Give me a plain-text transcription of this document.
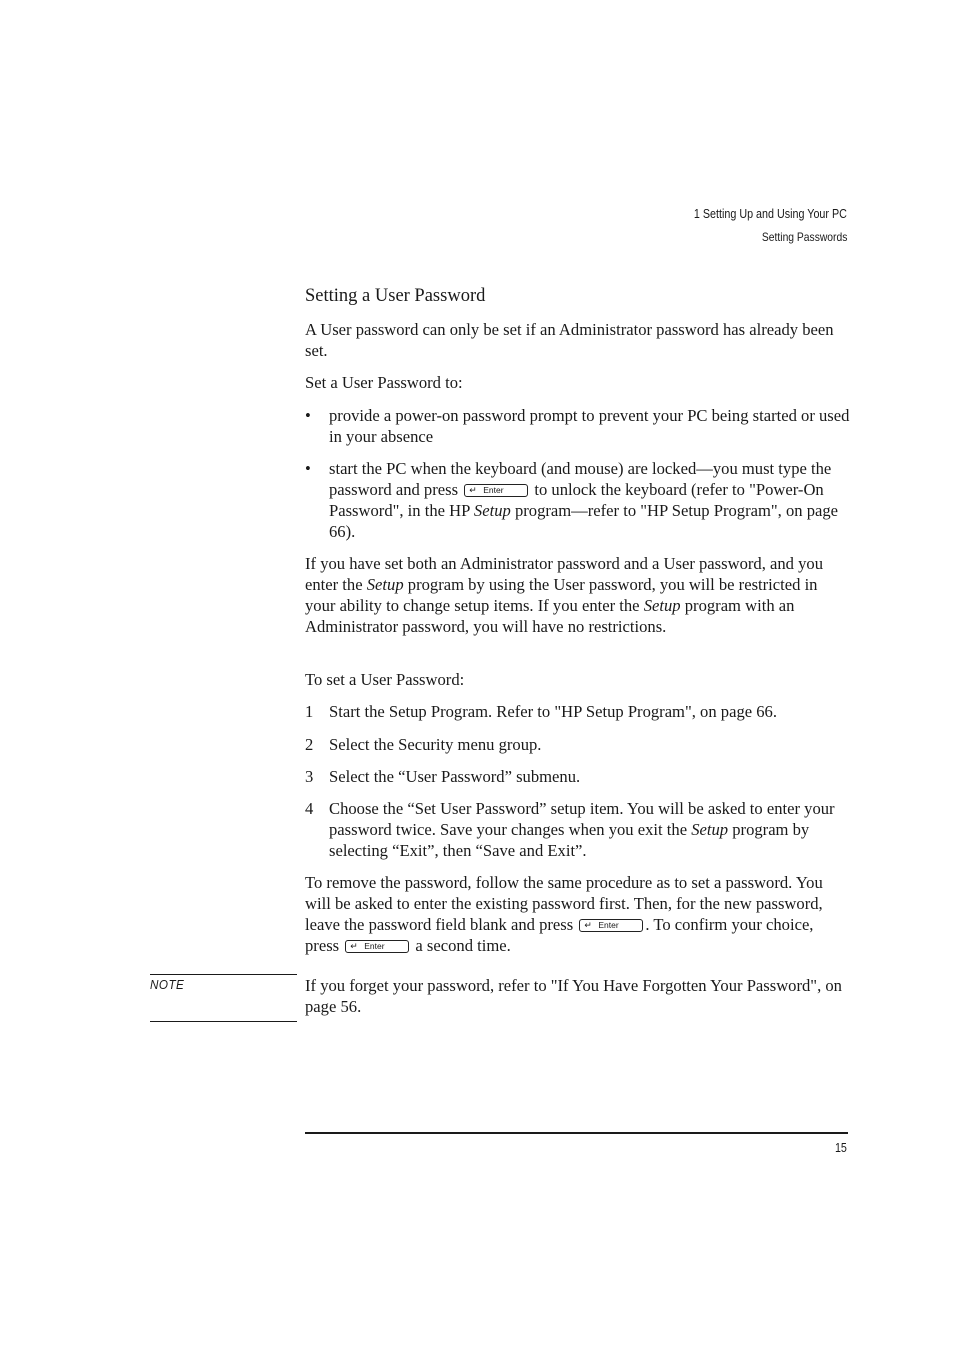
1 Setting Up and Using Your PC
Setting Passwords
Setting a User Password

A User password can only be set if an Administrator password has already been set.

Set a User Password to:

• provide a power-on password prompt to prevent your PC being started or used in your absence
• start the PC when the keyboard (and mouse) are locked—you must type the password and press ↵ Enter to unlock the keyboard (refer to "Power-On Password", in the HP Setup program—refer to "HP Setup Program", on page 66).

If you have set both an Administrator password and a User password, and you enter the Setup program by using the User password, you will be restricted in your ability to change setup items. If you enter the Setup program with an Administrator password, you will have no restrictions.

To set a User Password:

1 Start the Setup Program. Refer to "HP Setup Program", on page 66.
2 Select the Security menu group.
3 Select the “User Password” submenu.
4 Choose the “Set User Password” setup item. You will be asked to enter your password twice. Save your changes when you exit the Setup program by selecting “Exit”, then “Save and Exit”.

To remove the password, follow the same procedure as to set a password. You will be asked to enter the existing password first. Then, for the new password, leave the password field blank and press ↵ Enter . To confirm your choice, press ↵ Enter a second time.

NOTE	If you forget your password, refer to "If You Have Forgotten Your Password", on page 56.

15
